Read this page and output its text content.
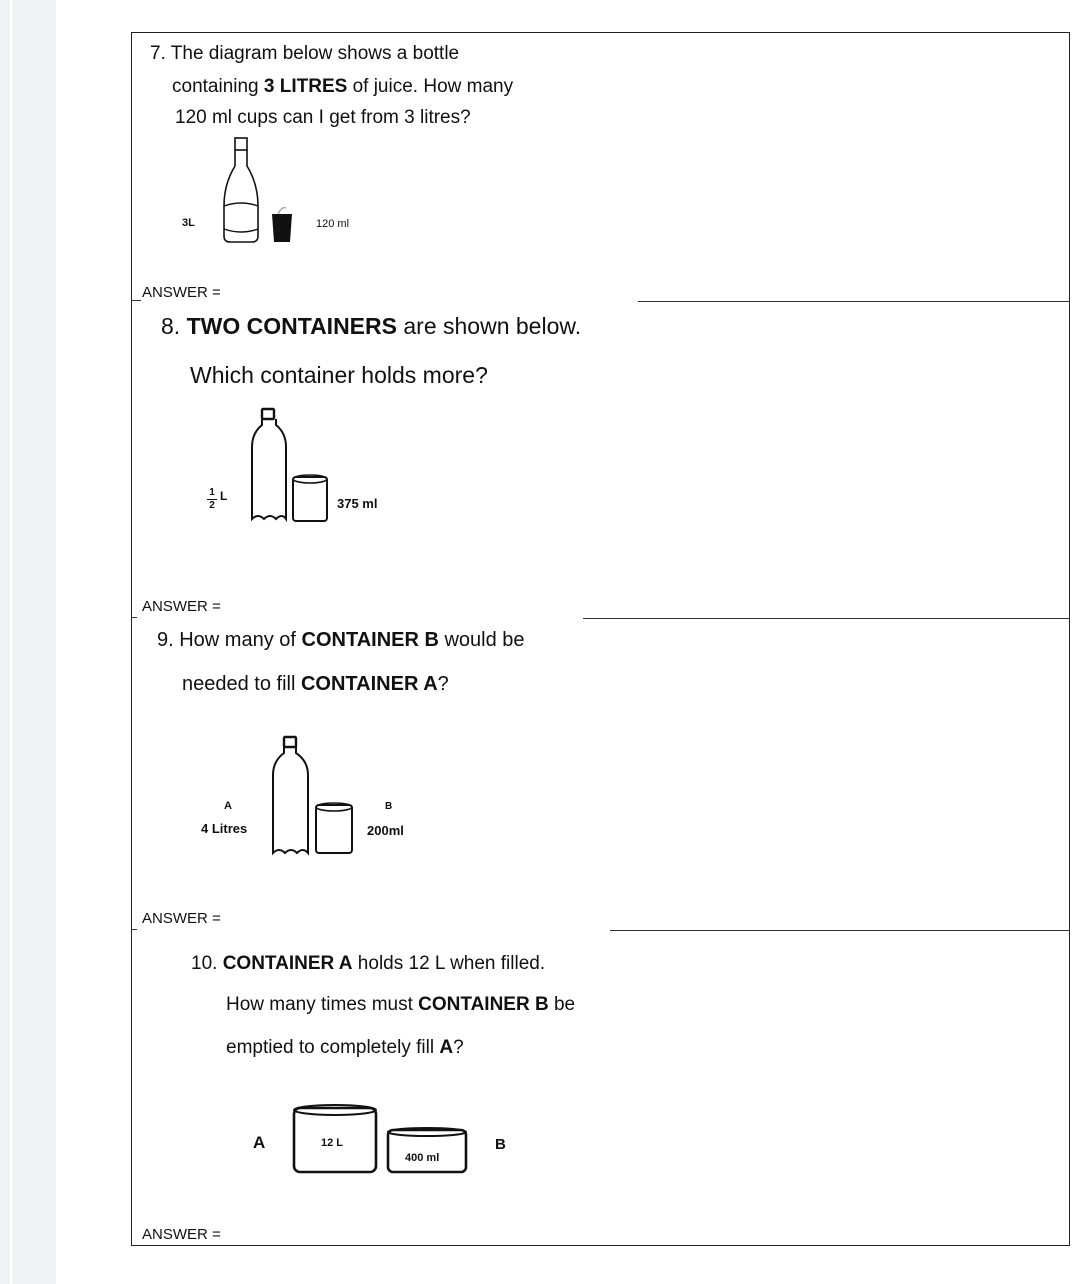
7. The diagram below shows a bottle
containing 3 LITRES of juice. How many
120 ml cups can I get from 3 litres?
3L	120 ml
ANSWER =
8. TWO CONTAINERS are shown below.
Which container holds more?
1
2
L	375 ml
ANSWER =
9. How many of CONTAINER B would be
needed to fill CONTAINER A?
A
4 Litres
B
200ml
ANSWER =
10. CONTAINER A holds 12 L when filled.
How many times must CONTAINER B be
emptied to completely fill A?
A	12 L
400 ml
B
ANSWER =
